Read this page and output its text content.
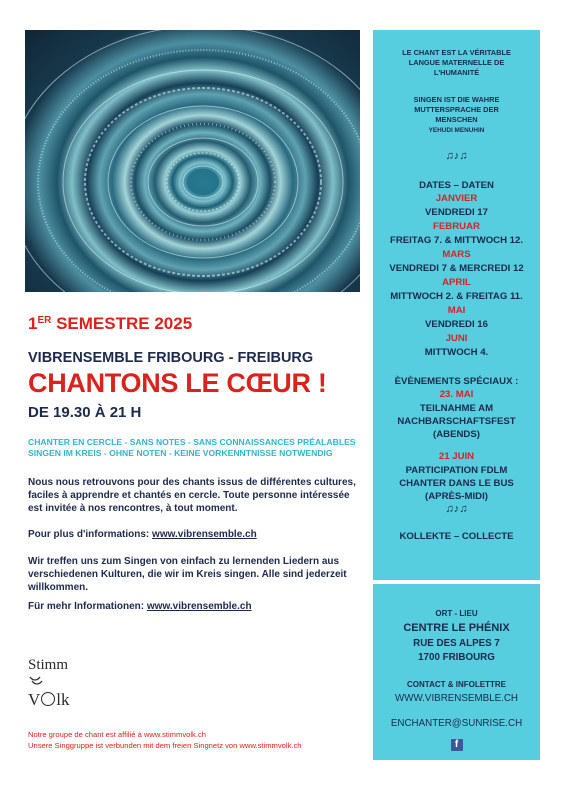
LE CHANT EST LA VÉRITABLE
LANGUE MATERNELLE DE
L'HUMANITÉ
SINGEN IST DIE WAHRE
MUTTERSPRACHE DER
MENSCHEN
YEHUDI MENUHIN
♫♪♫
DATES – DATEN
JANVIER
VENDREDI 17
FEBRUAR
FREITAG 7. & MITTWOCH 12.
MARS
VENDREDI 7 & MERCREDI 12
APRIL
MITTWOCH 2. & FREITAG 11.
MAI
VENDREDI 16
JUNI
MITTWOCH 4.
ÈVÈNEMENTS SPÉCIAUX :
23. MAI
TEILNAHME AM
NACHBARSCHAFTSFEST
(ABENDS)
21 JUIN
PARTICIPATION FDLM
CHANTER DANS LE BUS
(APRÈS-MIDI)
♫♪♫
KOLLEKTE – COLLECTE
ORT - LIEU
CENTRE LE PHÉNIX
RUE DES ALPES 7
1700 FRIBOURG
CONTACT & INFOLETTRE
WWW.VIBRENSEMBLE.CH
ENCHANTER@SUNRISE.CH
f
1ER SEMESTRE 2025
VIBRENSEMBLE FRIBOURG - FREIBURG
CHANTONS LE CŒUR !
DE 19.30 À 21 H
CHANTER EN CERCLE - SANS NOTES - SANS CONNAISSANCES PRÉALABLES
SINGEN IM KREIS - OHNE NOTEN - KEINE VORKENNTNISSE NOTWENDIG
Nous nous retrouvons pour des chants issus de différentes cultures, faciles à apprendre et chantés en cercle. Toute personne intéressée est invitée à nos rencontres, à tout moment.
Pour plus d'informations: www.vibrensemble.ch
Wir treffen uns zum Singen von einfach zu lernenden Liedern aus verschiedenen Kulturen, die wir im Kreis singen. Alle sind jederzeit willkommen.
Für mehr Informationen: www.vibrensemble.ch
Stimm
V lk
Notre groupe de chant est affilié à www.stimmvolk.ch
Unsere Singgruppe ist verbunden mit dem freien Singnetz von www.stimmvolk.ch
